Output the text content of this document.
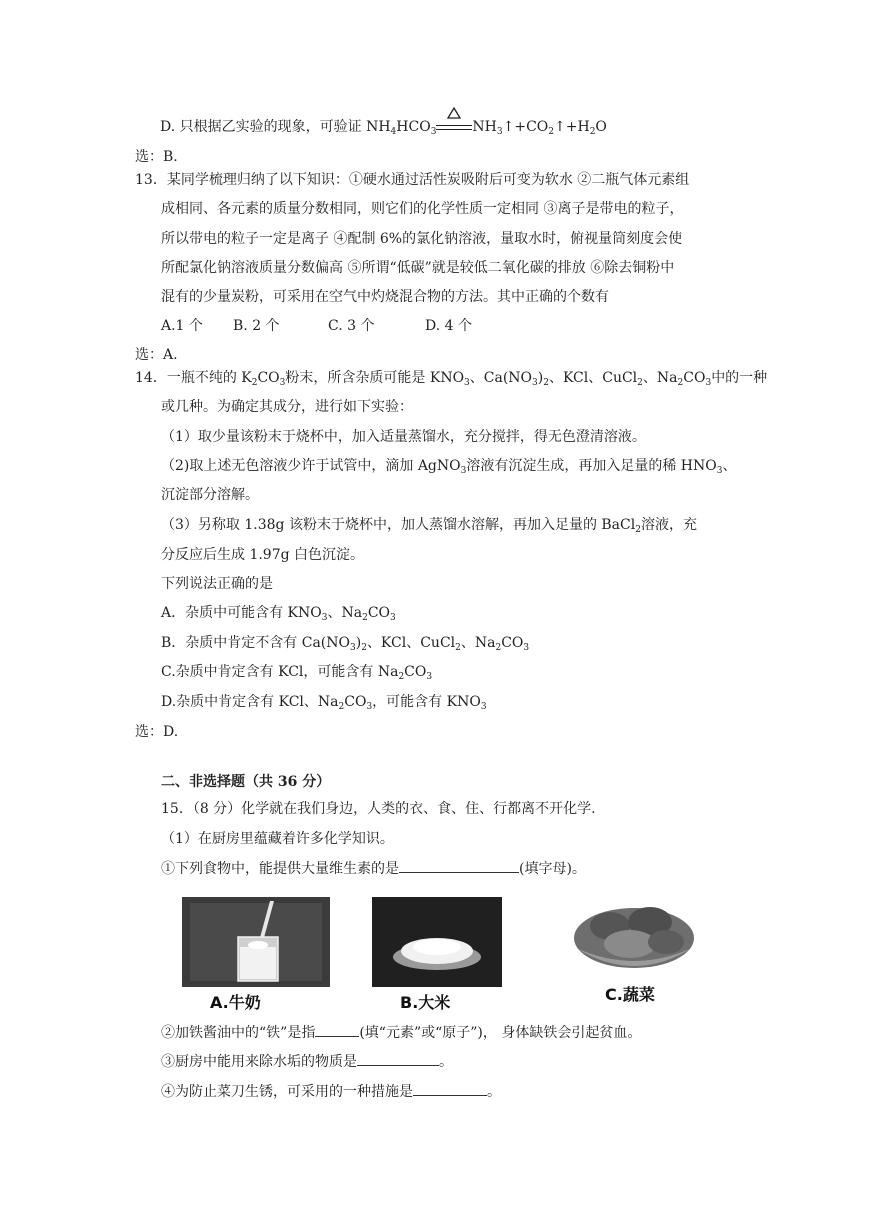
D. 只根据乙实验的现象，可验证 $NH_4HCO_3$	$NH_3↑+CO_2↑+H_2O$
选：B.
13．某同学梳理归纳了以下知识：①硬水通过活性炭吸附后可变为软水 ②二瓶气体元素组
成相同、各元素的质量分数相同，则它们的化学性质一定相同 ③离子是带电的粒子，
所以带电的粒子一定是离子 ④配制 6%的氯化钠溶液，量取水时，俯视量筒刻度会使
所配氯化钠溶液质量分数偏高 ⑤所谓“低碳”就是较低二氧化碳的排放 ⑥除去铜粉中
混有的少量炭粉，可采用在空气中灼烧混合物的方法。其中正确的个数有
A.1 个 B. 2 个	C. 3 个	D. 4 个
选：A.
14．一瓶不纯的 $K_2CO_3$粉末，所含杂质可能是 $KNO_3$、$Ca(NO_3)_2$、KCl、CuCl$_2$、$Na_2CO_3$中的一种
或几种。为确定其成分，进行如下实验：
（1）取少量该粉末于烧杯中，加入适量蒸馏水，充分搅拌，得无色澄清溶液。
（2)取上述无色溶液少许于试管中，滴加 AgNO$_3$溶液有沉淀生成，再加入足量的稀 $HNO_3$、
沉淀部分溶解。
（3）另称取 1.38g 该粉末于烧杯中，加人蒸馏水溶解，再加入足量的 BaCl$_2$溶液，充
分反应后生成 1.97g 白色沉淀。
下列说法正确的是
A．杂质中可能含有 $KNO_3$、$Na_2CO_3$
B．杂质中肯定不含有 $Ca(NO_3)_2$、KCl、CuCl$_2$、$Na_2CO_3$
C.杂质中肯定含有 KCl，可能含有 $Na_2CO_3$
D.杂质中肯定含有 KCl、$Na_2CO_3$，可能含有 $KNO_3$
选：D.
二、非选择题（共 36 分）
15．（8 分）化学就在我们身边，人类的衣、食、住、行都离不开化学.
（1）在厨房里蕴藏着许多化学知识。
①下列食物中，能提供大量维生素的是	(填字母)。
A.牛奶	B.大米	C.蔬菜
②加铁酱油中的“铁”是指	(填“元素”或“原子”)， 身体缺铁会引起贫血。
③厨房中能用来除水垢的物质是	。
④为防止菜刀生锈，可采用的一种措施是	。
